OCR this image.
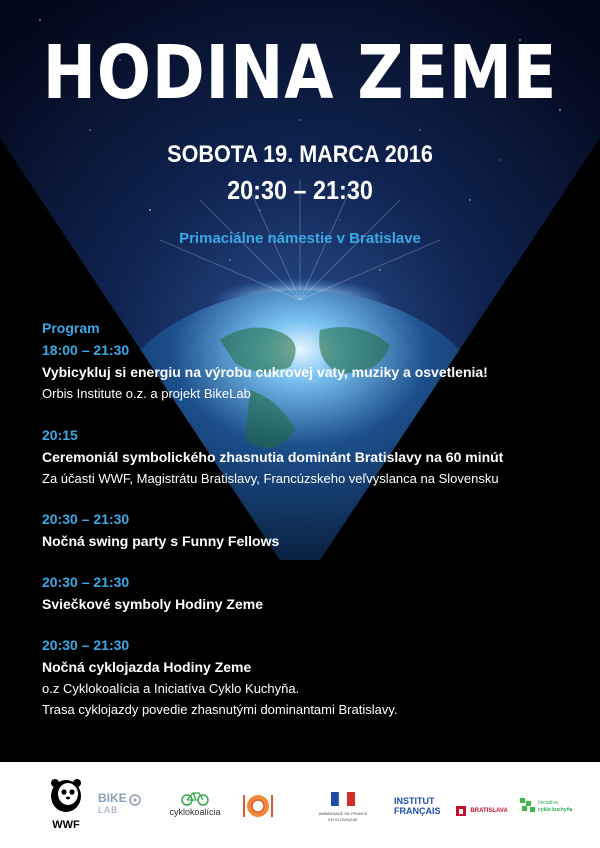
HODINA ZEME
SOBOTA 19. MARCA 2016
20:30 – 21:30
Primaciálne námestie v Bratislave
Program
18:00 – 21:30
Vybicykluj si energiu na výrobu cukrovej vaty, muziky a osvetlenia!
Orbis Institute o.z. a projekt BikeLab
20:15
Ceremoniál symbolického zhasnutia dominánt Bratislavy na 60 minút
Za účasti WWF, Magistrátu Bratislavy, Francúzskeho veľvyslanca na Slovensku
20:30 – 21:30
Nočná swing party s Funny Fellows
20:30 – 21:30
Sviečkové symboly Hodiny Zeme
20:30 – 21:30
Nočná cyklojazda Hodiny Zeme
o.z Cyklokoalícia a Iniciatíva Cyklo Kuchyňa.
Trasa cyklojazdy povedie zhasnutými dominantami Bratislavy.
WWF
BIKE
LAB	cyklokoalícia	AMBASSADE DE FRANCE
EN SLOVAQUIE
INSTITUT
FRANÇAIS	BRATISLAVA
Iniciatíva
cyklo kuchyňa
